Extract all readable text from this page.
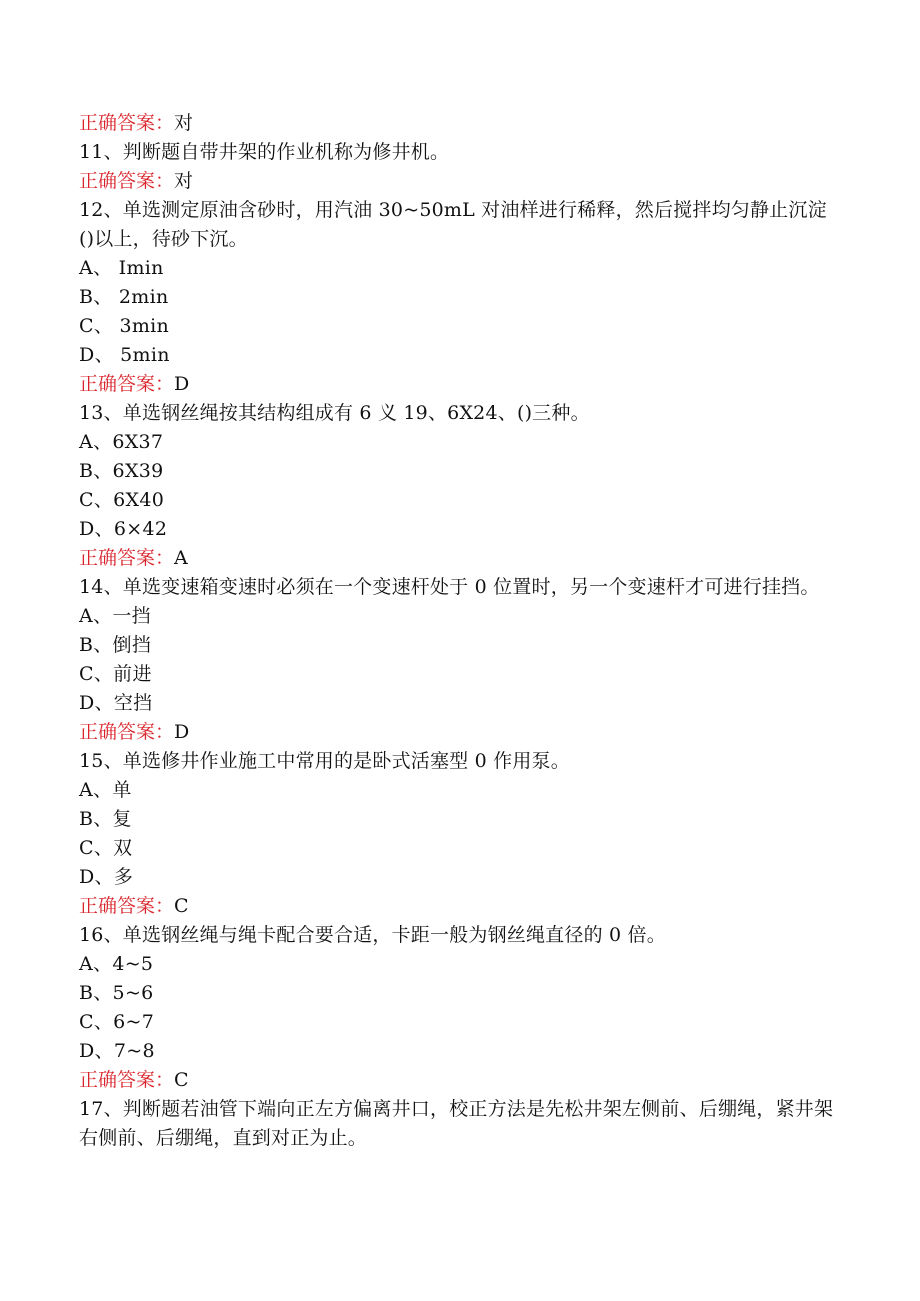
正确答案：对
11、判断题自带井架的作业机称为修井机。
正确答案：对
12、单选测定原油含砂时，用汽油 30~50mL 对油样进行稀释，然后搅拌均匀静止沉淀()以上，待砂下沉。
A、 Imin
B、 2min
C、 3min
D、 5min
正确答案：D
13、单选钢丝绳按其结构组成有 6 义 19、6X24、()三种。
A、6X37
B、6X39
C、6X40
D、6×42
正确答案：A
14、单选变速箱变速时必须在一个变速杆处于 0 位置时，另一个变速杆才可进行挂挡。
A、一挡
B、倒挡
C、前进
D、空挡
正确答案：D
15、单选修井作业施工中常用的是卧式活塞型 0 作用泵。
A、单
B、复
C、双
D、多
正确答案：C
16、单选钢丝绳与绳卡配合要合适，卡距一般为钢丝绳直径的 0 倍。
A、4~5
B、5~6
C、6~7
D、7~8
正确答案：C
17、判断题若油管下端向正左方偏离井口，校正方法是先松井架左侧前、后绷绳，紧井架右侧前、后绷绳，直到对正为止。
